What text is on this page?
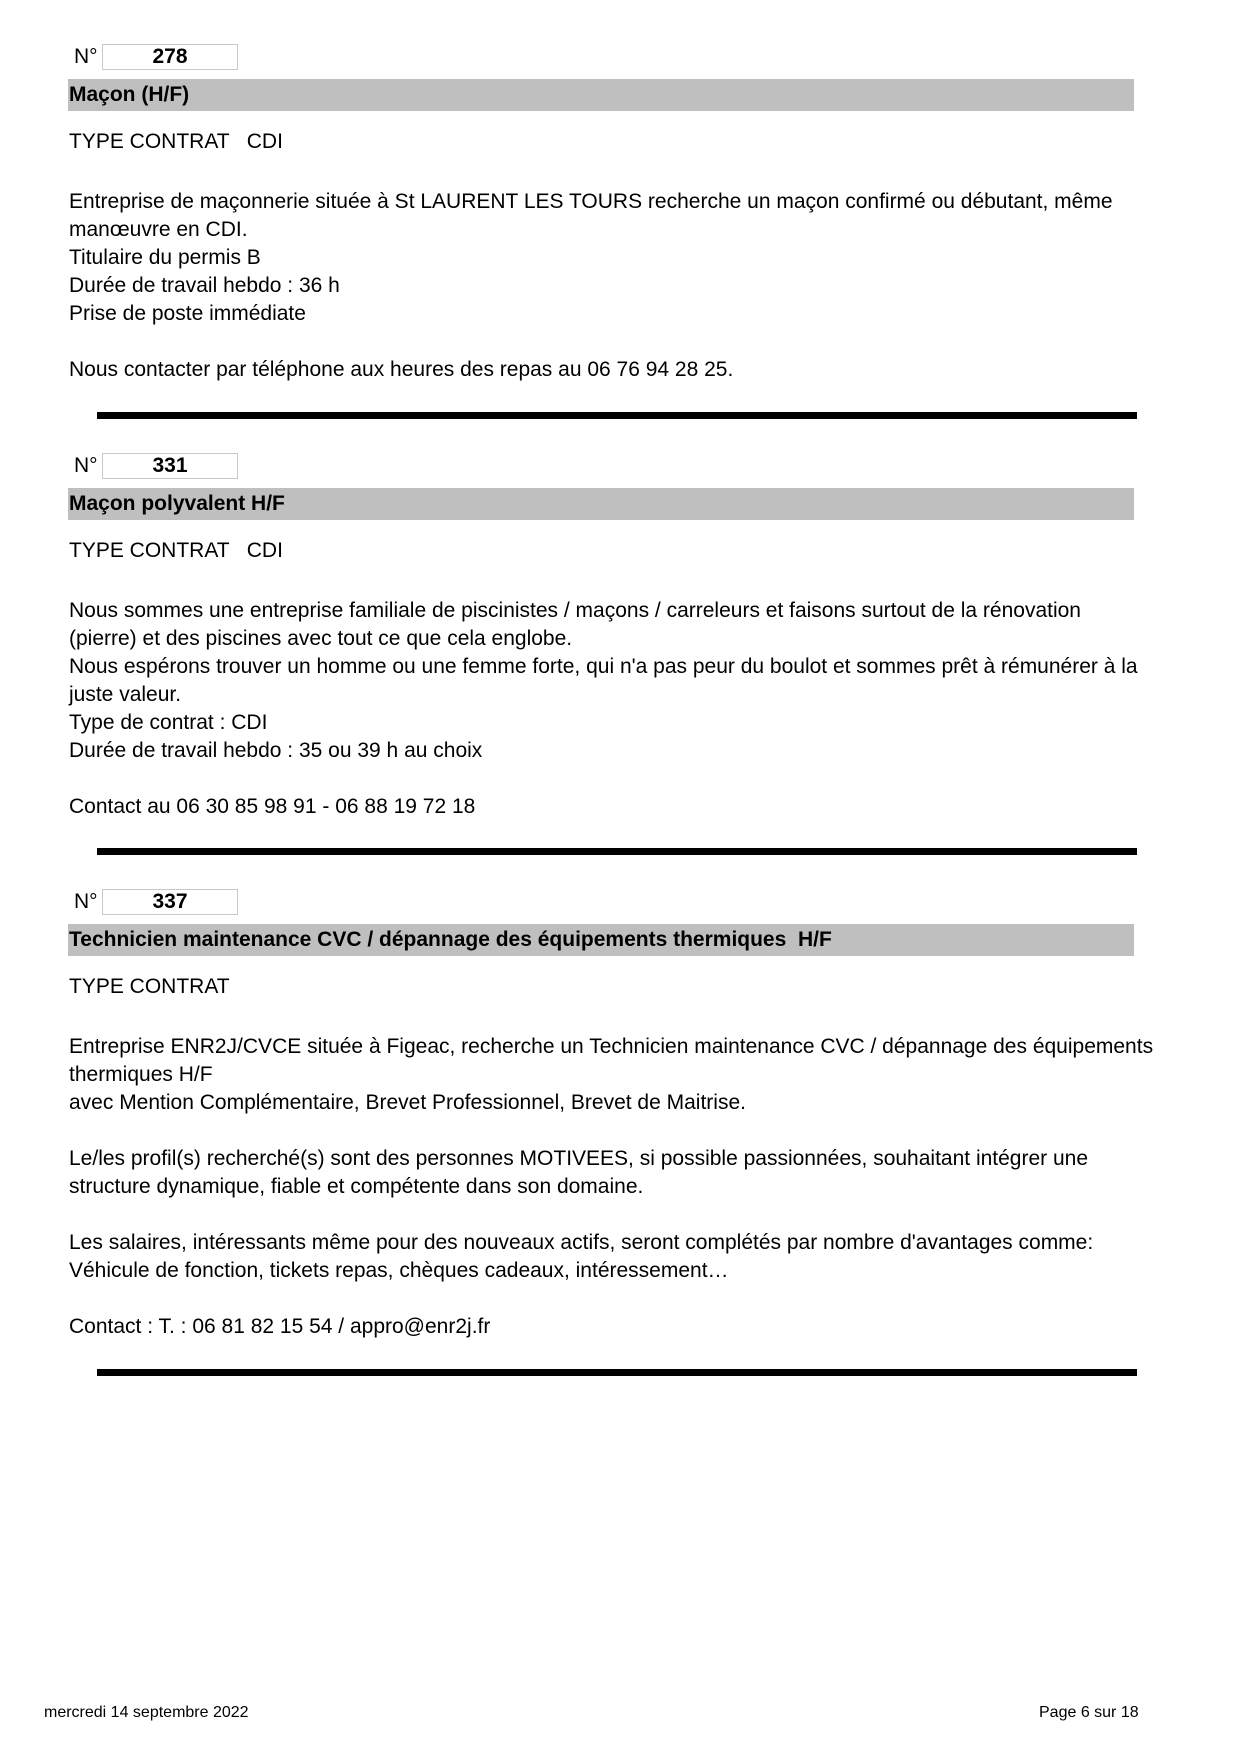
N°	278
Maçon (H/F)
TYPE CONTRAT   CDI

Entreprise de maçonnerie située à St LAURENT LES TOURS recherche un maçon confirmé ou débutant, même

manœuvre en CDI.

Titulaire du permis B

Durée de travail hebdo : 36 h

Prise de poste immédiate

Nous contacter par téléphone aux heures des repas au 06 76 94 28 25.

N°	331
Maçon polyvalent H/F
TYPE CONTRAT   CDI

Nous sommes une entreprise familiale de piscinistes / maçons / carreleurs et faisons surtout de la rénovation

(pierre) et des piscines avec tout ce que cela englobe.

Nous espérons trouver un homme ou une femme forte, qui n'a pas peur du boulot et sommes prêt à rémunérer à la

juste valeur.

Type de contrat : CDI

Durée de travail hebdo : 35 ou 39 h au choix

Contact au 06 30 85 98 91 - 06 88 19 72 18

N°	337
Technicien maintenance CVC / dépannage des équipements thermiques  H/F
TYPE CONTRAT

Entreprise ENR2J/CVCE située à Figeac, recherche un Technicien maintenance CVC / dépannage des équipements

thermiques H/F

avec Mention Complémentaire, Brevet Professionnel, Brevet de Maitrise.

Le/les profil(s) recherché(s) sont des personnes MOTIVEES, si possible passionnées, souhaitant intégrer une

structure dynamique, fiable et compétente dans son domaine.

Les salaires, intéressants même pour des nouveaux actifs, seront complétés par nombre d'avantages comme:

Véhicule de fonction, tickets repas, chèques cadeaux, intéressement…

Contact : T. : 06 81 82 15 54 / appro@enr2j.fr

mercredi 14 septembre 2022	Page 6 sur 18
